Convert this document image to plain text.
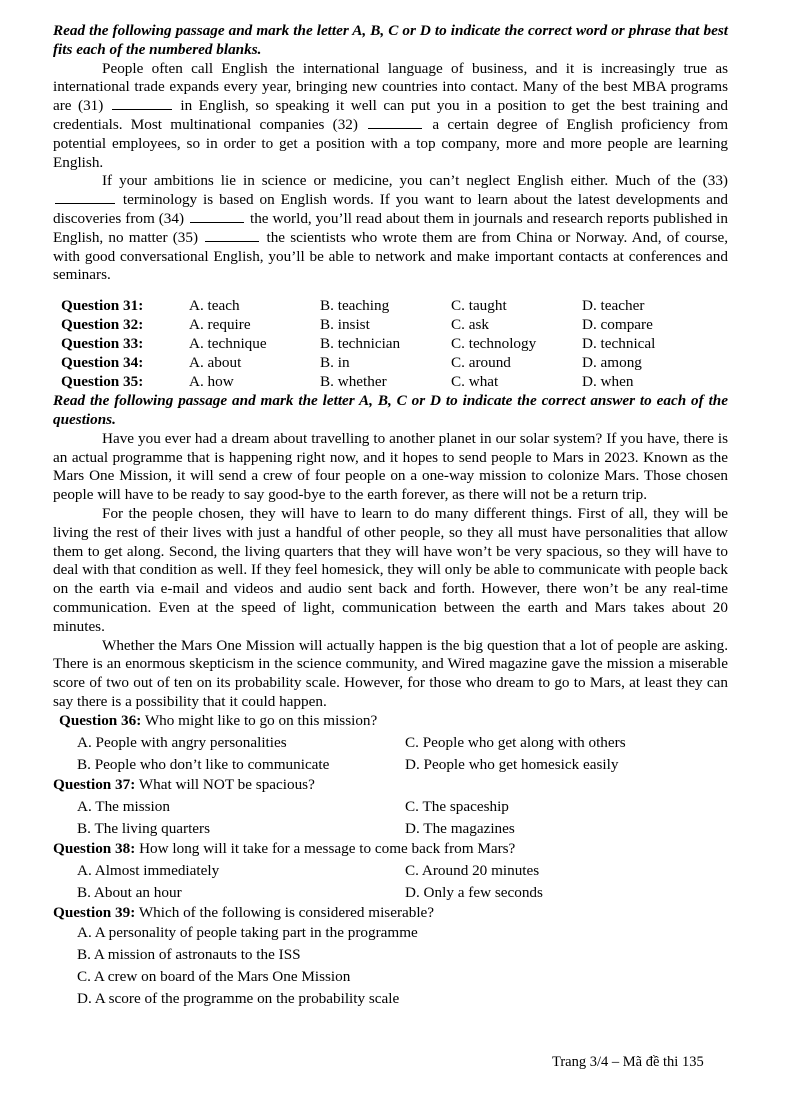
Read the following passage and mark the letter A, B, C or D to indicate the correct word or phrase that best fits each of the numbered blanks.

People often call English the international language of business, and it is increasingly true as international trade expands every year, bringing new countries into contact. Many of the best MBA programs are (31)	in English, so speaking it well can put you in a position to get the best training and credentials. Most multinational companies (32)	a certain degree of English proficiency from potential employees, so in order to get a position with a top company, more and more people are learning English.

If your ambitions lie in science or medicine, you can’t neglect English either. Much of the (33)  terminology is based on English words. If you want to learn about the latest developments and discoveries from (34)	the world, you’ll read about them in journals and research reports published in English, no matter (35)	the scientists who wrote them are from China or Norway. And, of course, with good conversational English, you’ll be able to network and make important contacts at conferences and seminars.

Question 31:	A. teach	B. teaching	C. taught	D. teacher
Question 32:	A. require	B. insist	C. ask	D. compare
Question 33:	A. technique	B. technician	C. technology	D. technical
Question 34:	A. about	B. in	C. around	D. among
Question 35:	A. how	B. whether	C. what	D. when
Read the following passage and mark the letter A, B, C or D to indicate the correct answer to each of the questions.

Have you ever had a dream about travelling to another planet in our solar system? If you have, there is an actual programme that is happening right now, and it hopes to send people to Mars in 2023. Known as the Mars One Mission, it will send a crew of four people on a one-way mission to colonize Mars. Those chosen people will have to be ready to say good-bye to the earth forever, as there will not be a return trip.

For the people chosen, they will have to learn to do many different things. First of all, they will be living the rest of their lives with just a handful of other people, so they all must have personalities that allow them to get along. Second, the living quarters that they will have won’t be very spacious, so they will have to deal with that condition as well. If they feel homesick, they will only be able to communicate with people back on the earth via e-mail and videos and audio sent back and forth. However, there won’t be any real-time communication. Even at the speed of light, communication between the earth and Mars takes about 20 minutes.

Whether the Mars One Mission will actually happen is the big question that a lot of people are asking. There is an enormous skepticism in the science community, and Wired magazine gave the mission a miserable score of two out of ten on its probability scale. However, for those who dream to go to Mars, at least they can say there is a possibility that it could happen.

Question 36: Who might like to go on this mission?
A. People with angry personalities	C. People who get along with others
B. People who don’t like to communicate	D. People who get homesick easily
Question 37: What will NOT be spacious?
A. The mission	C. The spaceship
B. The living quarters	D. The magazines
Question 38: How long will it take for a message to come back from Mars?
A. Almost immediately	C. Around 20 minutes
B. About an hour	D. Only a few seconds
Question 39: Which of the following is considered miserable?
A. A personality of people taking part in the programme
B. A mission of astronauts to the ISS
C. A crew on board of the Mars One Mission
D. A score of the programme on the probability scale
Trang 3/4 – Mã đề thi 135
